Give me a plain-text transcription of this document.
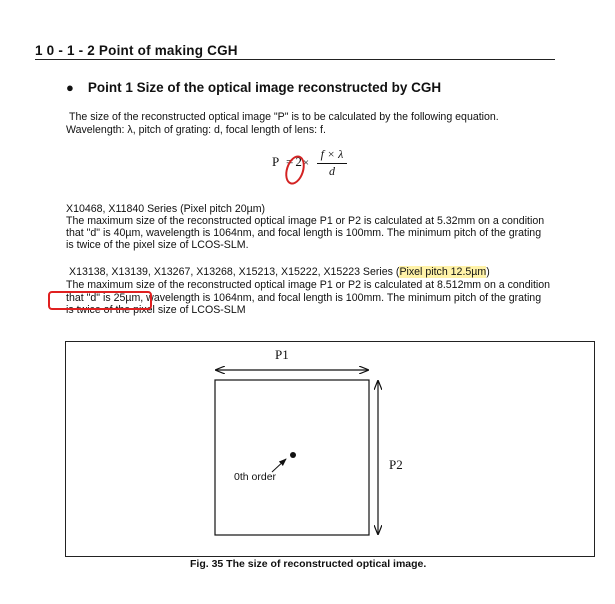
1 0 - 1 - 2 Point of making CGH
● Point 1 Size of the optical image reconstructed by CGH
The size of the reconstructed optical image "P" is to be calculated by the following equation.
Wavelength: λ, pitch of grating: d, focal length of lens: f.
$P = 2\times \frac{f \times \lambda}{d}$
X10468, X11840 Series (Pixel pitch 20µm)
The maximum size of the reconstructed optical image P1 or P2 is calculated at 5.32mm on a condition
that "d" is 40µm, wavelength is 1064nm, and focal length is 100mm. The minimum pitch of the grating
is twice of the pixel size of LCOS-SLM.
X13138, X13139, X13267, X13268, X15213, X15222, X15223 Series (Pixel pitch 12.5µm)
The maximum size of the reconstructed optical image P1 or P2 is calculated at 8.512mm on a condition
that "d" is 25µm, wavelength is 1064nm, and focal length is 100mm. The minimum pitch of the grating
is twice of the pixel size of LCOS-SLM
P1
P2
0th order
Fig. 35 The size of reconstructed optical image.
